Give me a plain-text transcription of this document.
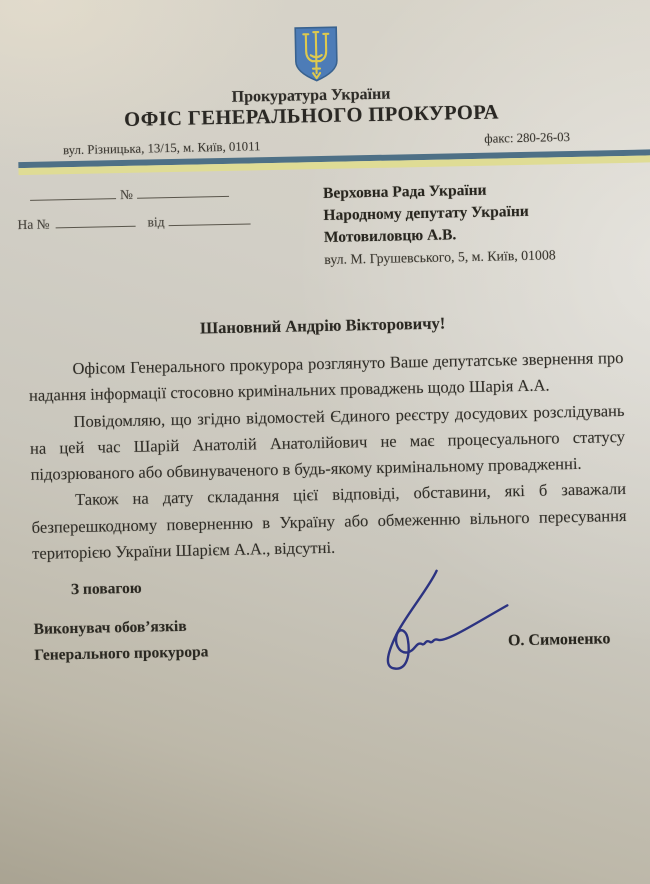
Прокуратура України
ОФІС ГЕНЕРАЛЬНОГО ПРОКУРОРА
вул. Різницька, 13/15, м. Київ, 01011
факс: 280-26-03
№
На №	від
Верховна Рада України
Народному депутату України
Мотовиловцю А.В.
вул. М. Грушевського, 5, м. Київ, 01008
Шановний Андрію Вікторовичу!

Офісом Генерального прокурора розглянуто Ваше депутатське звернення про надання інформації стосовно кримінальних проваджень щодо Шарія А.А.

Повідомляю, що згідно відомостей Єдиного реєстру досудових розслідувань на цей час Шарій Анатолій Анатолійович не має процесуального статусу підозрюваного або обвинуваченого в будь-якому кримінальному провадженні.

Також на дату складання цієї відповіді, обставини, які б заважали безперешкодному поверненню в Україну або обмеженню вільного пересування територією України Шарієм А.А., відсутні.

З повагою
Виконувач обов’язків
Генерального прокурора
О. Симоненко
